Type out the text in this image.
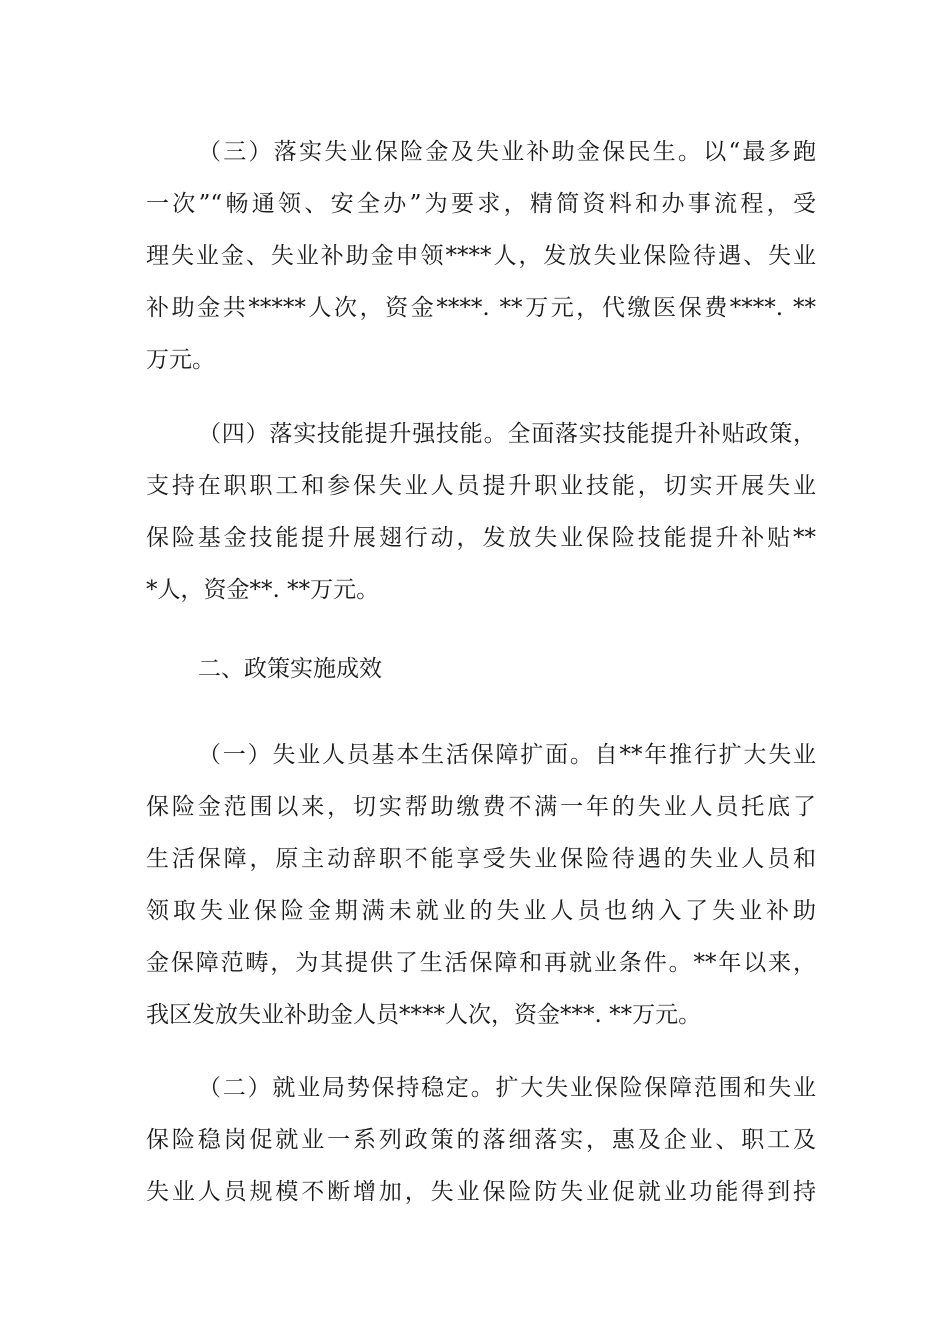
（三）落实失业保险金及失业补助金保民生。以“最多跑
一次”“畅通领、安全办”为要求，精简资料和办事流程，受
理失业金、失业补助金申领****人，发放失业保险待遇、失业
补助金共*****人次，资金****. **万元，代缴医保费****. **
万元。
（四）落实技能提升强技能。全面落实技能提升补贴政策，
支持在职职工和参保失业人员提升职业技能，切实开展失业
保险基金技能提升展翅行动，发放失业保险技能提升补贴**
*人，资金**. **万元。
二、政策实施成效
（一）失业人员基本生活保障扩面。自**年推行扩大失业
保险金范围以来，切实帮助缴费不满一年的失业人员托底了
生活保障，原主动辞职不能享受失业保险待遇的失业人员和
领取失业保险金期满未就业的失业人员也纳入了失业补助
金保障范畴，为其提供了生活保障和再就业条件。**年以来，
我区发放失业补助金人员****人次，资金***. **万元。
（二）就业局势保持稳定。扩大失业保险保障范围和失业
保险稳岗促就业一系列政策的落细落实，惠及企业、职工及
失业人员规模不断增加，失业保险防失业促就业功能得到持
